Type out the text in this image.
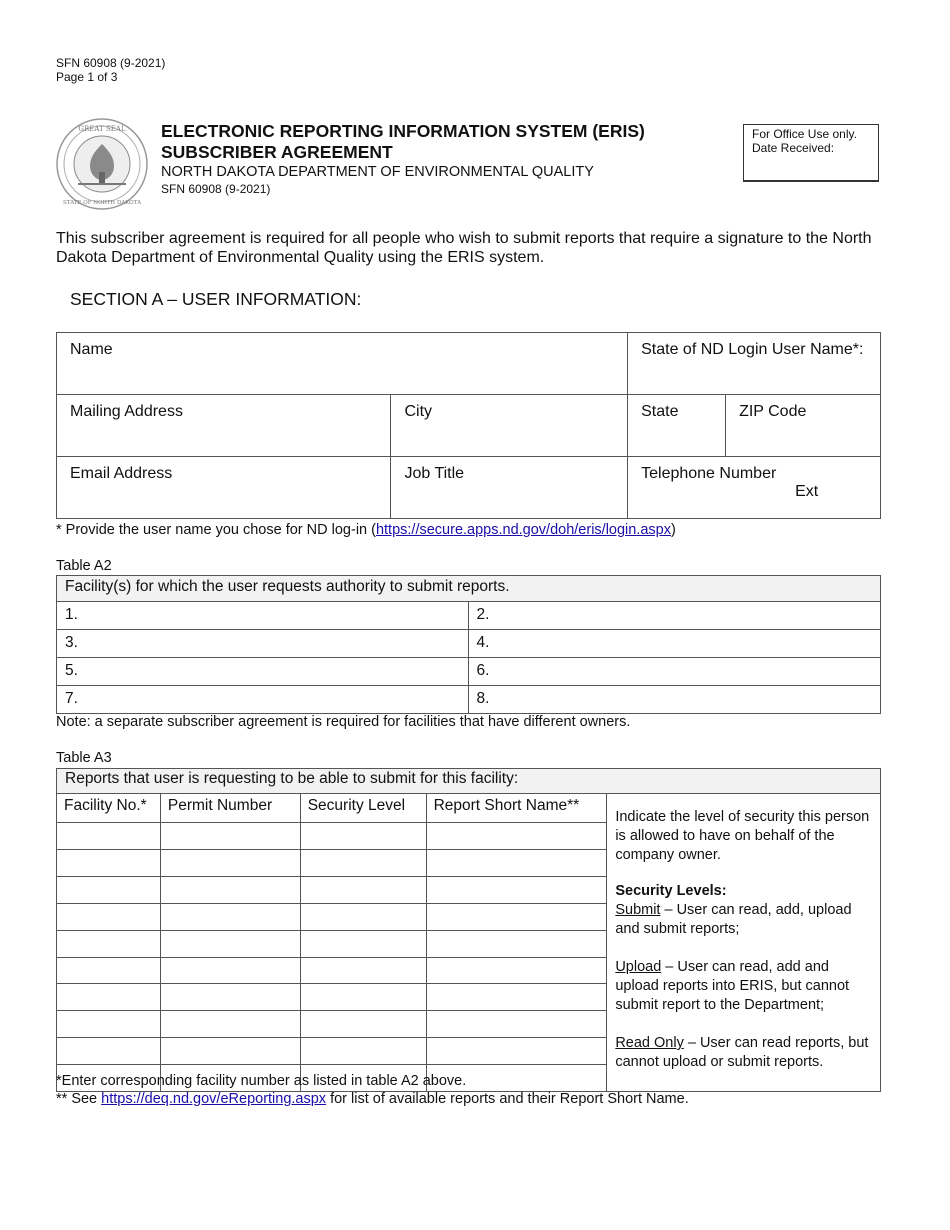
SFN 60908 (9-2021)
Page 1 of 3
GREAT SEAL
STATE OF NORTH DAKOTA
ELECTRONIC REPORTING INFORMATION SYSTEM (ERIS)
SUBSCRIBER AGREEMENT
NORTH DAKOTA DEPARTMENT OF ENVIRONMENTAL QUALITY
SFN 60908 (9-2021)
For Office Use only.
Date Received:
This subscriber agreement is required for all people who wish to submit reports that require a signature to the North Dakota Department of Environmental Quality using the ERIS system.
SECTION A – USER INFORMATION:
Name		State of ND Login User Name*:	
Mailing Address	City	State	ZIP Code
Email Address	Job Title	Telephone Number
Ext	
* Provide the user name you chose for ND log-in (https://secure.apps.nd.gov/doh/eris/login.aspx)
Table A2
Facility(s) for which the user requests authority to submit reports.	
1.	2.
3.	4.
5.	6.
7.	8.
Note: a separate subscriber agreement is required for facilities that have different owners.
Table A3
Reports that user is requesting to be able to submit for this facility:				
Facility No.*	Permit Number	Security Level	Report Short Name**	Indicate the level of security this person is allowed to have on behalf of the company owner.

Security Levels:

Submit – User can read, add, upload and submit reports;

Upload – User can read, add and upload reports into ERIS, but cannot submit report to the Department;

Read Only – User can read reports, but cannot upload or submit reports.

*Enter corresponding facility number as listed in table A2 above.
** See https://deq.nd.gov/eReporting.aspx for list of available reports and their Report Short Name.
